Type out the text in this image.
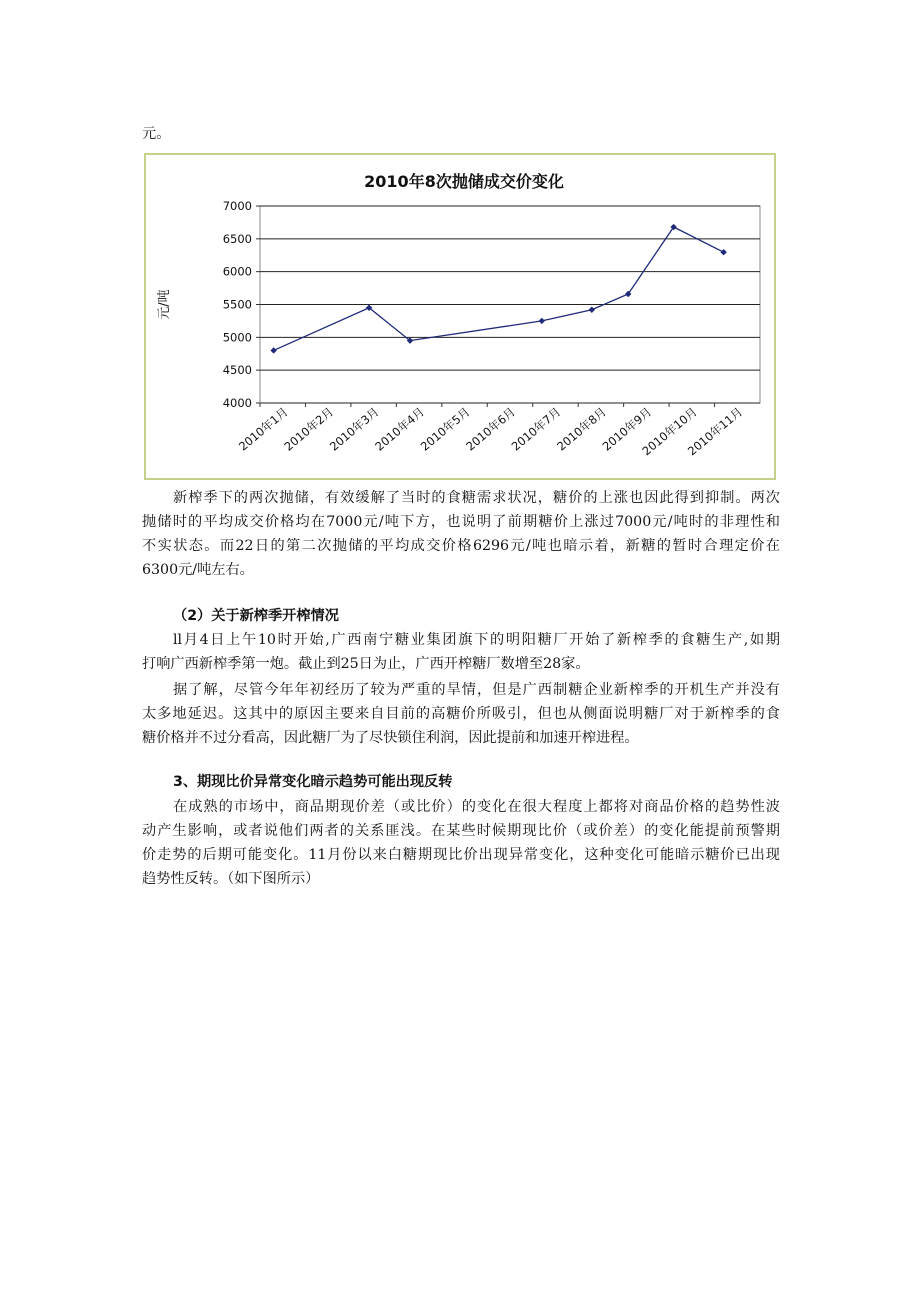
元。
2010年8次抛储成交价变化
元/吨
4000
4500
5000
5500
6000
6500
7000
2010年1月
2010年2月
2010年3月
2010年4月
2010年5月
2010年6月
2010年7月
2010年8月
2010年9月
2010年10月
2010年11月
新榨季下的两次抛储，有效缓解了当时的食糖需求状况，糖价的上涨也因此得到抑制。两次
抛储时的平均成交价格均在7000元/吨下方，也说明了前期糖价上涨过7000元/吨时的非理性和
不实状态。而22日的第二次抛储的平均成交价格6296元/吨也暗示着，新糖的暂时合理定价在
6300元/吨左右。
（2）关于新榨季开榨情况
ll月4日上午10时开始,广西南宁糖业集团旗下的明阳糖厂开始了新榨季的食糖生产,如期
打响广西新榨季第一炮。截止到25日为止，广西开榨糖厂数增至28家。
据了解，尽管今年年初经历了较为严重的旱情，但是广西制糖企业新榨季的开机生产并没有
太多地延迟。这其中的原因主要来自目前的高糖价所吸引，但也从侧面说明糖厂对于新榨季的食
糖价格并不过分看高，因此糖厂为了尽快锁住利润，因此提前和加速开榨进程。
3、期现比价异常变化暗示趋势可能出现反转
在成熟的市场中，商品期现价差（或比价）的变化在很大程度上都将对商品价格的趋势性波
动产生影响，或者说他们两者的关系匪浅。在某些时候期现比价（或价差）的变化能提前预警期
价走势的后期可能变化。11月份以来白糖期现比价出现异常变化，这种变化可能暗示糖价已出现
趋势性反转。（如下图所示）
